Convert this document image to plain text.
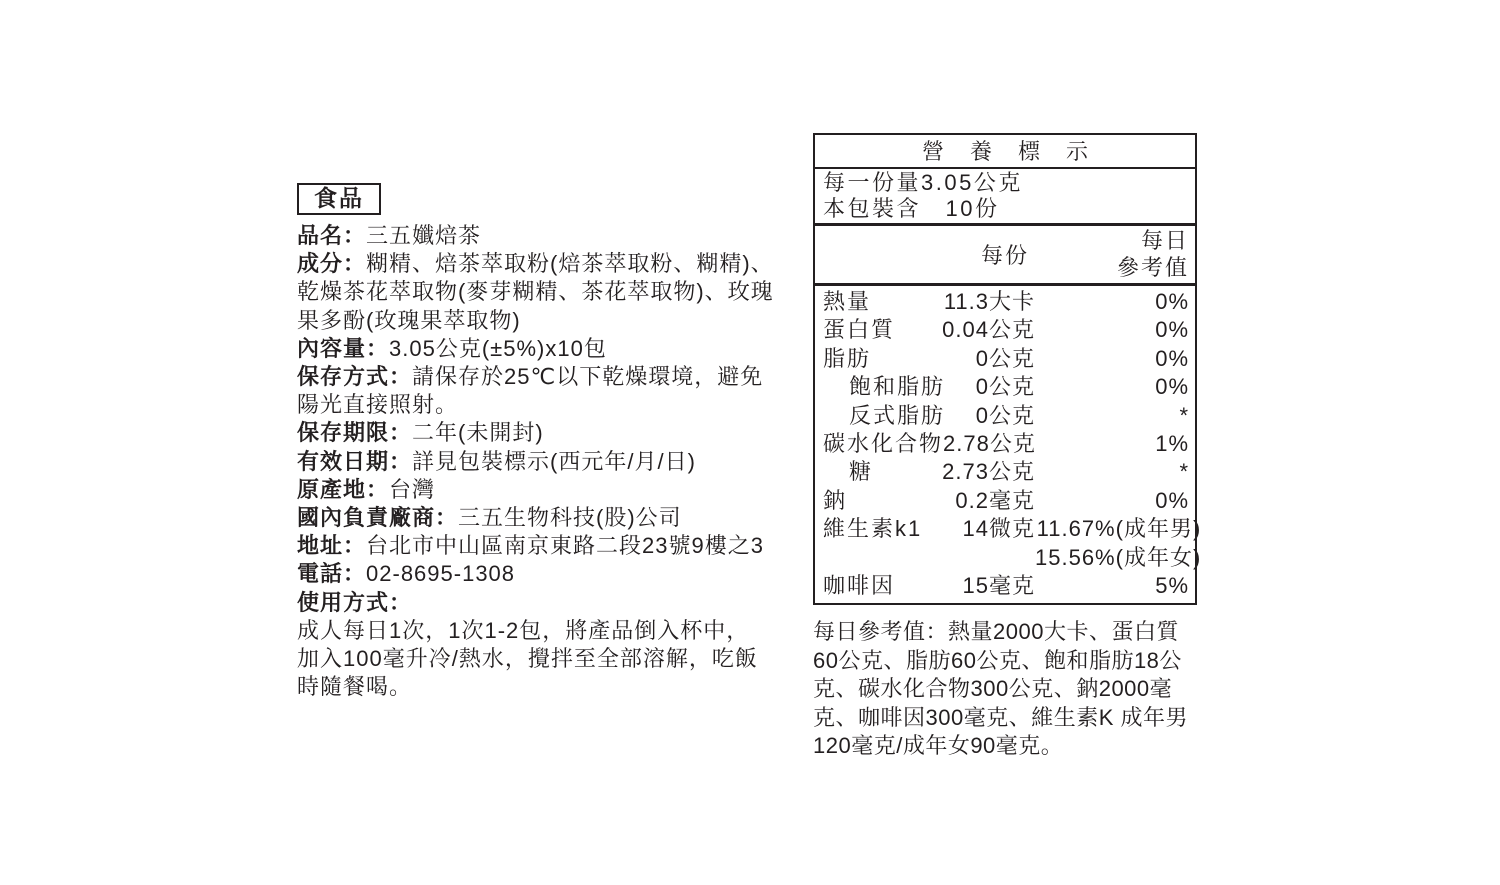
食品
品名：三五孅焙茶
成分：糊精、焙茶萃取粉(焙茶萃取粉、糊精)、
乾燥茶花萃取物(麥芽糊精、茶花萃取物)、玫瑰
果多酚(玫瑰果萃取物)
內容量：3.05公克(±5%)x10包
保存方式：請保存於25℃以下乾燥環境，避免
陽光直接照射。
保存期限：二年(未開封)
有效日期：詳見包裝標示(西元年/月/日)
原產地：台灣
國內負責廠商：三五生物科技(股)公司
地址：台北市中山區南京東路二段23號9樓之3
電話：02-8695-1308
使用方式：
成人每日1次，1次1-2包，將產品倒入杯中，
加入100毫升冷/熱水，攪拌至全部溶解，吃飯
時隨餐喝。
營養標示
每一份量3.05公克
本包裝含　10份
每份
每日
參考值
熱量	11.3大卡	0%
蛋白質	0.04公克	0%
脂肪	0公克	0%
飽和脂肪	0公克	0%
反式脂肪	0公克	*
碳水化合物 2.78公克	1%
糖	2.73公克	*
鈉	0.2毫克	0%
維生素k1	14微克 11.67%(成年男)
15.56%(成年女)
咖啡因	15毫克	5%
每日參考值：熱量2000大卡、蛋白質
60公克、脂肪60公克、飽和脂肪18公
克、碳水化合物300公克、鈉2000毫
克、咖啡因300毫克、維生素K 成年男
120毫克/成年女90毫克。
